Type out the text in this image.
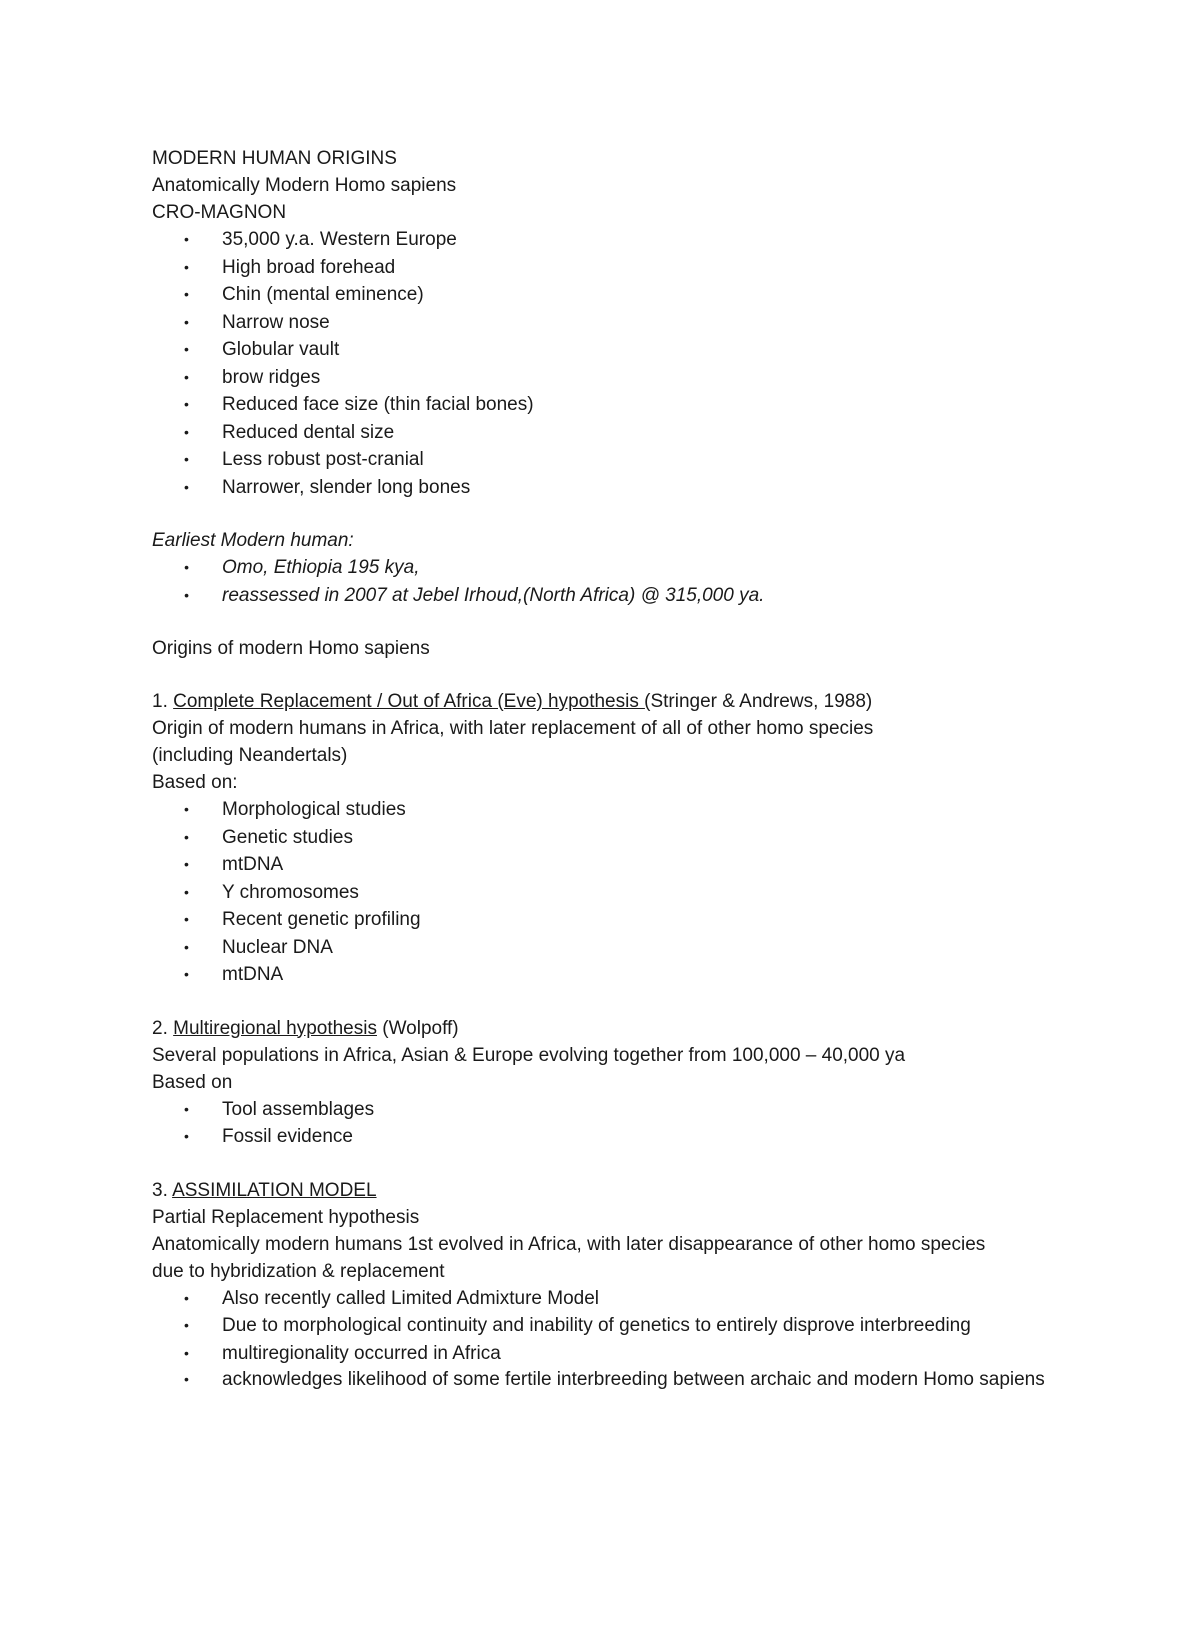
MODERN HUMAN ORIGINS

Anatomically Modern Homo sapiens

CRO-MAGNON

• 35,000 y.a. Western Europe
• High broad forehead
• Chin (mental eminence)
• Narrow nose
• Globular vault
• brow ridges
• Reduced face size (thin facial bones)
• Reduced dental size
• Less robust post-cranial
• Narrower, slender long bones

Earliest Modern human:

• Omo, Ethiopia 195 kya,
• reassessed in 2007 at Jebel Irhoud,(North Africa) @ 315,000 ya.

Origins of modern Homo sapiens

1. Complete Replacement / Out of Africa (Eve) hypothesis (Stringer & Andrews, 1988)

Origin of modern humans in Africa, with later replacement of all of other homo species

(including Neandertals)

Based on:

• Morphological studies
• Genetic studies
• mtDNA
• Y chromosomes
• Recent genetic profiling
• Nuclear DNA
• mtDNA

2. Multiregional hypothesis (Wolpoff)

Several populations in Africa, Asian & Europe evolving together from 100,000 – 40,000 ya

Based on

• Tool assemblages
• Fossil evidence

3. ASSIMILATION MODEL

Partial Replacement hypothesis

Anatomically modern humans 1st evolved in Africa, with later disappearance of other homo species

due to hybridization & replacement

• Also recently called Limited Admixture Model
• Due to morphological continuity and inability of genetics to entirely disprove interbreeding
• multiregionality occurred in Africa
• acknowledges likelihood of some fertile interbreeding between archaic and modern Homo sapiens
